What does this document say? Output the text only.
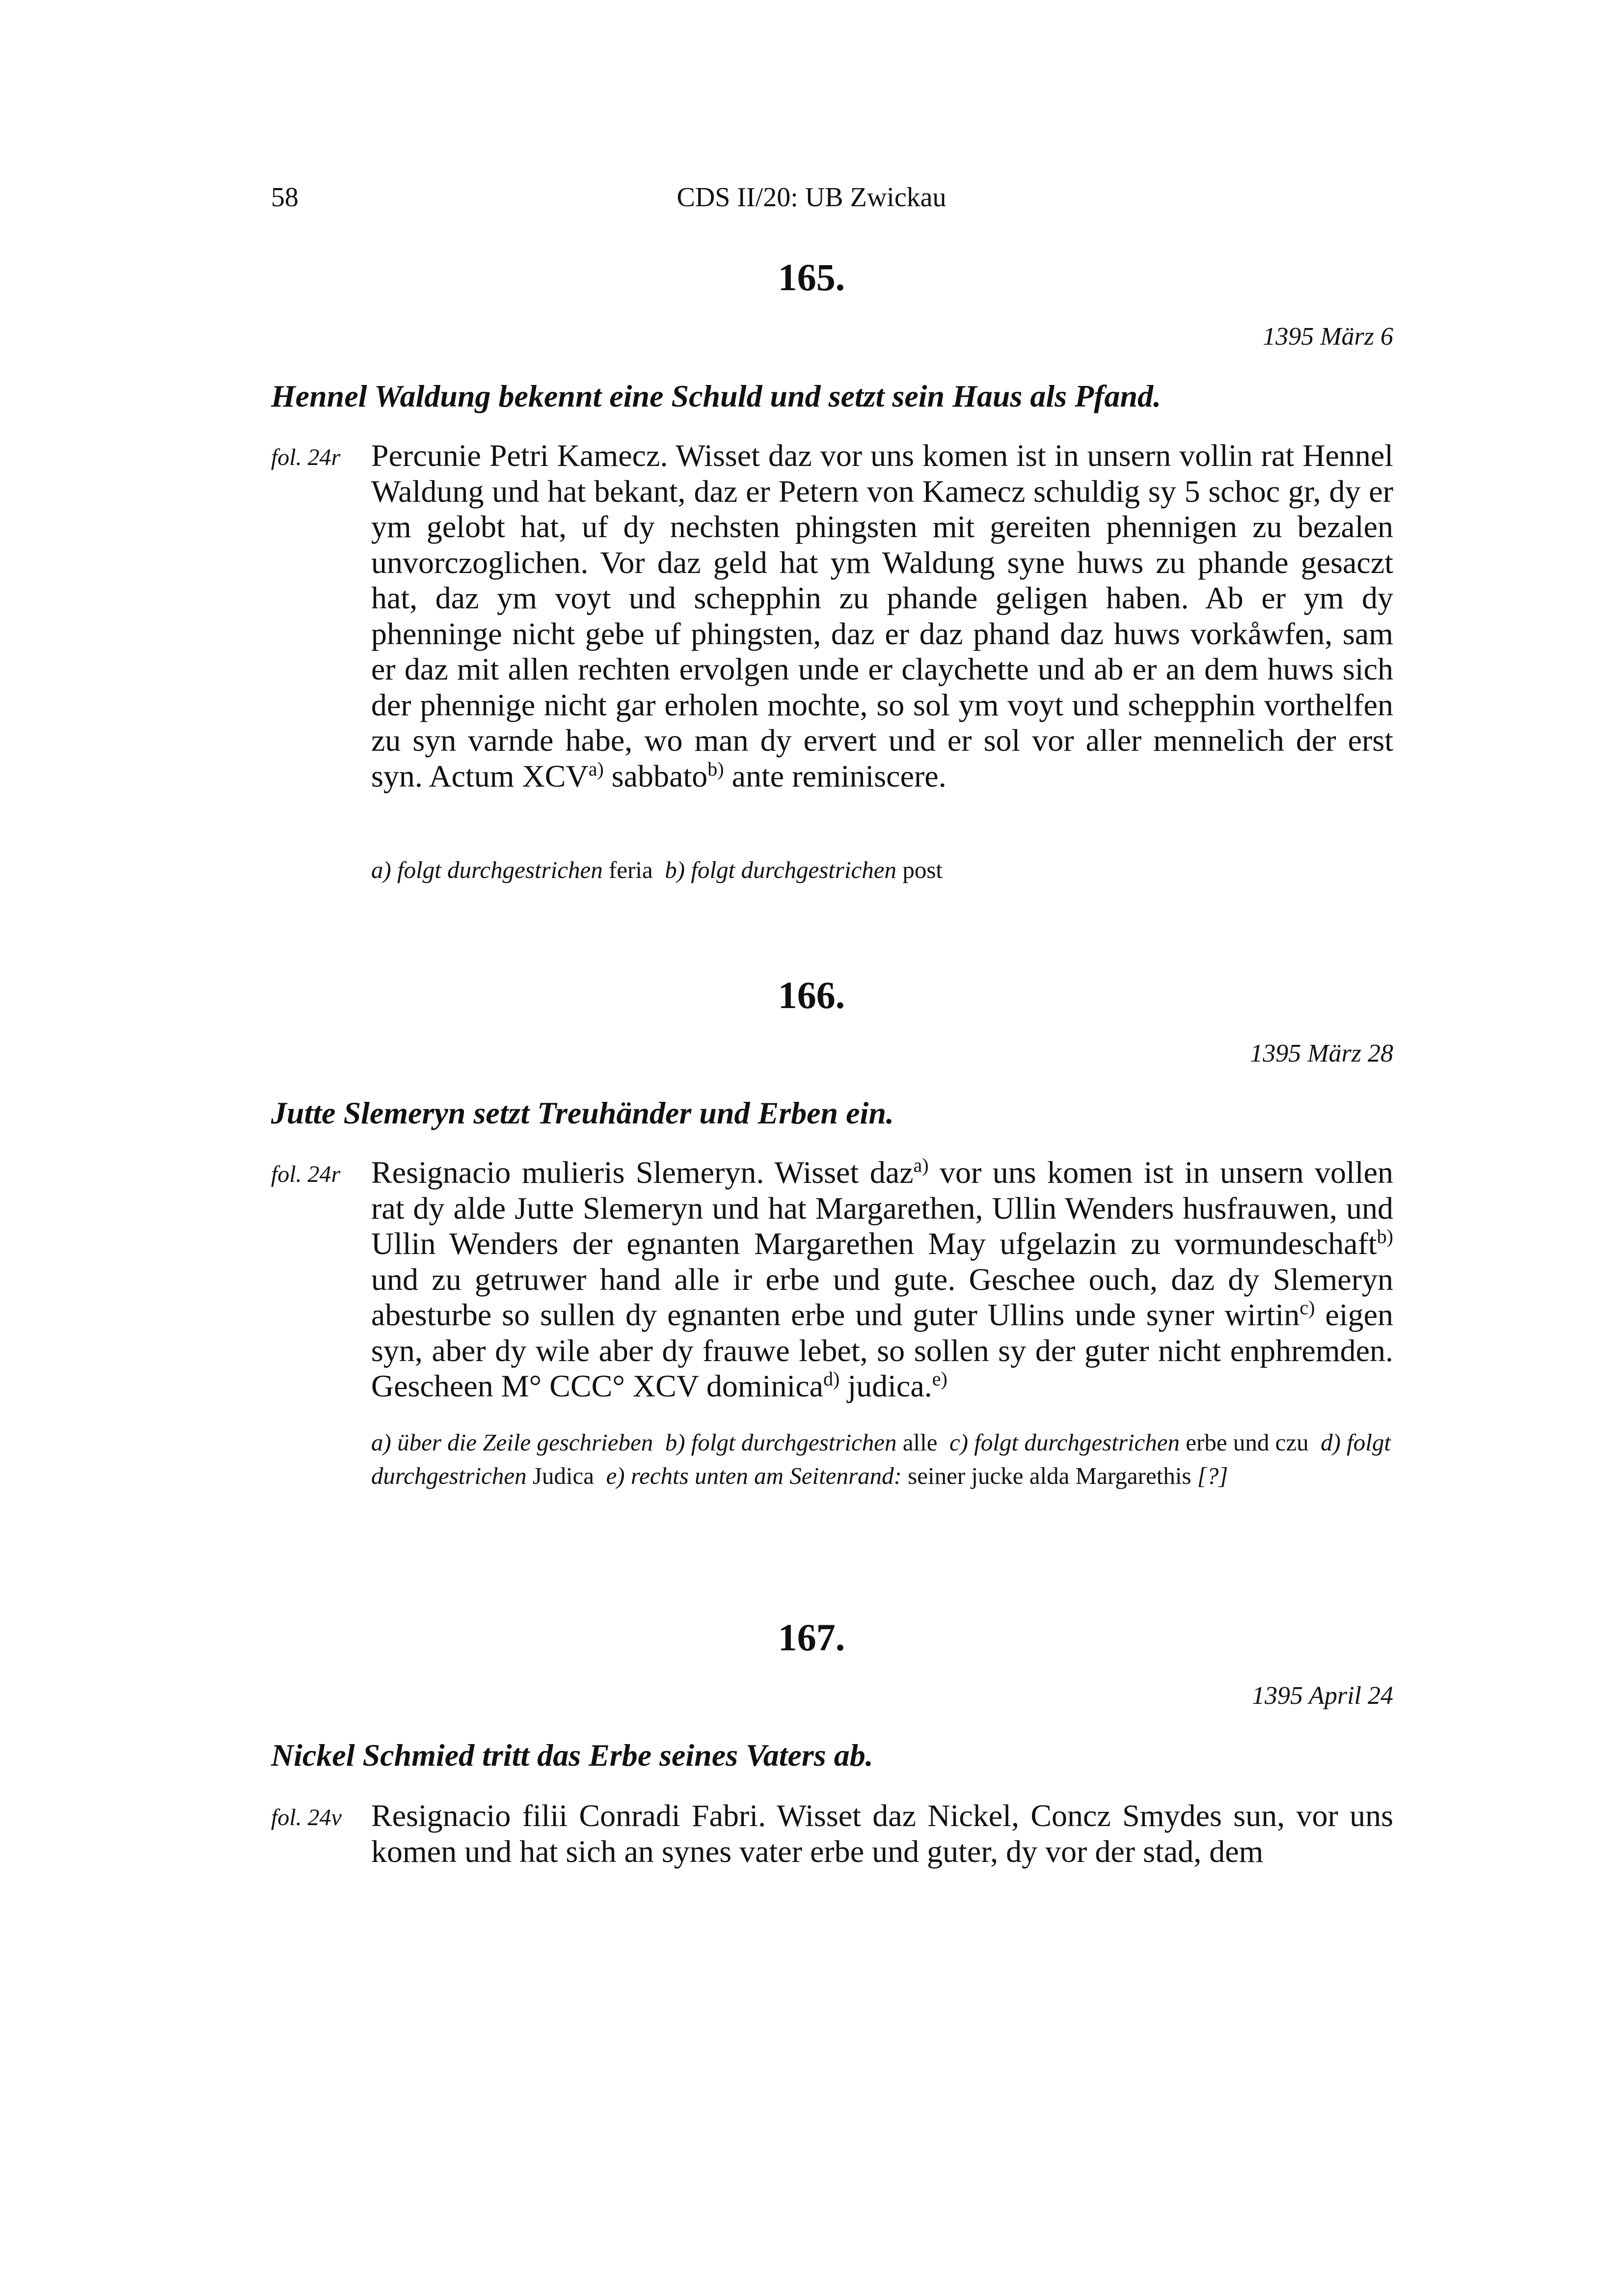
58	CDS II/20: UB Zwickau
165.
1395 März 6
Hennel Waldung bekennt eine Schuld und setzt sein Haus als Pfand.
fol. 24r Percunie Petri Kamecz. Wisset daz vor uns komen ist in unsern vollin rat Hennel Waldung und hat bekant, daz er Petern von Kamecz schuldig sy 5 schoc gr, dy er ym gelobt hat, uf dy nechsten phingsten mit gereiten phennigen zu bezalen unvorczoglichen. Vor daz geld hat ym Waldung syne huws zu phande gesaczt hat, daz ym voyt und schepphin zu phande geligen haben. Ab er ym dy phenninge nicht gebe uf phingsten, daz er daz phand daz huws vorkåwfen, sam er daz mit allen rechten ervolgen unde er claychette und ab er an dem huws sich der phennige nicht gar erholen mochte, so sol ym voyt und schepphin vorthelfen zu syn varnde habe, wo man dy ervert und er sol vor aller mennelich der erst syn. Actum XCV$^{a)}$ sabbato$^{b)}$ ante reminiscere.
a) folgt durchgestrichen feria b) folgt durchgestrichen post
166.
1395 März 28
Jutte Slemeryn setzt Treuhänder und Erben ein.
fol. 24r Resignacio mulieris Slemeryn. Wisset daz$^{a)}$ vor uns komen ist in unsern vollen rat dy alde Jutte Slemeryn und hat Margarethen, Ullin Wenders husfrauwen, und Ullin Wenders der egnanten Margarethen May ufgelazin zu vormundeschaft$^{b)}$ und zu getruwer hand alle ir erbe und gute. Geschee ouch, daz dy Slemeryn abesturbe so sullen dy egnanten erbe und guter Ullins unde syner wirtin$^{c)}$ eigen syn, aber dy wile aber dy frauwe lebet, so sollen sy der guter nicht enphremden. Gescheen M° CCC° XCV dominica$^{d)}$ judica.$^{e)}$
a) über die Zeile geschrieben b) folgt durchgestrichen alle c) folgt durchgestrichen erbe und czu d) folgt durchgestrichen Judica e) rechts unten am Seitenrand: seiner jucke alda Margarethis [?]
167.
1395 April 24
Nickel Schmied tritt das Erbe seines Vaters ab.
fol. 24v Resignacio filii Conradi Fabri. Wisset daz Nickel, Concz Smydes sun, vor uns komen und hat sich an synes vater erbe und guter, dy vor der stad, dem
